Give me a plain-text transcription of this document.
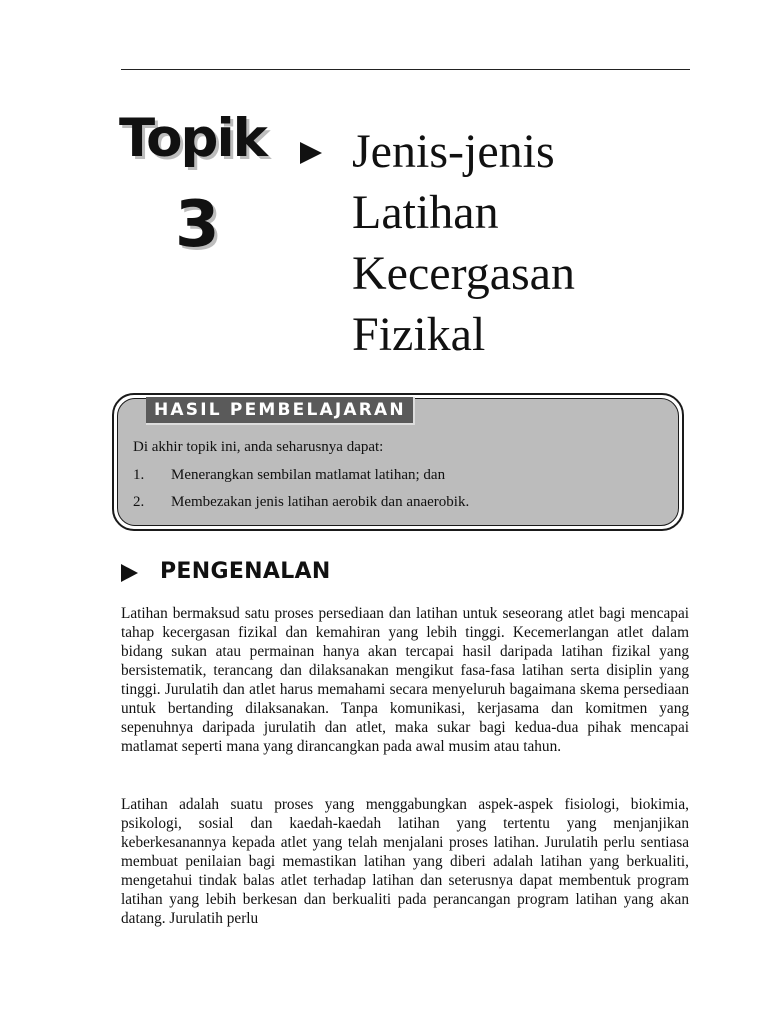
Topik
3
Jenis-jenis
Latihan
Kecergasan
Fizikal
HASIL PEMBELAJARAN
Di akhir topik ini, anda seharusnya dapat:
1. Menerangkan sembilan matlamat latihan; dan
2. Membezakan jenis latihan aerobik dan anaerobik.
PENGENALAN

Latihan bermaksud satu proses persediaan dan latihan untuk seseorang atlet bagi mencapai tahap kecergasan fizikal dan kemahiran yang lebih tinggi. Kecemerlangan atlet dalam bidang sukan atau permainan hanya akan tercapai hasil daripada latihan fizikal yang bersistematik, terancang dan dilaksanakan mengikut fasa-fasa latihan serta disiplin yang tinggi. Jurulatih dan atlet harus memahami secara menyeluruh bagaimana skema persediaan untuk bertanding dilaksanakan. Tanpa komunikasi, kerjasama dan komitmen yang sepenuhnya daripada jurulatih dan atlet, maka sukar bagi kedua-dua pihak mencapai matlamat seperti mana yang dirancangkan pada awal musim atau tahun.

Latihan adalah suatu proses yang menggabungkan aspek-aspek fisiologi, biokimia, psikologi, sosial dan kaedah-kaedah latihan yang tertentu yang menjanjikan keberkesanannya kepada atlet yang telah menjalani proses latihan. Jurulatih perlu sentiasa membuat penilaian bagi memastikan latihan yang diberi adalah latihan yang berkualiti, mengetahui tindak balas atlet terhadap latihan dan seterusnya dapat membentuk program latihan yang lebih berkesan dan berkualiti pada perancangan program latihan yang akan datang. Jurulatih perlu
